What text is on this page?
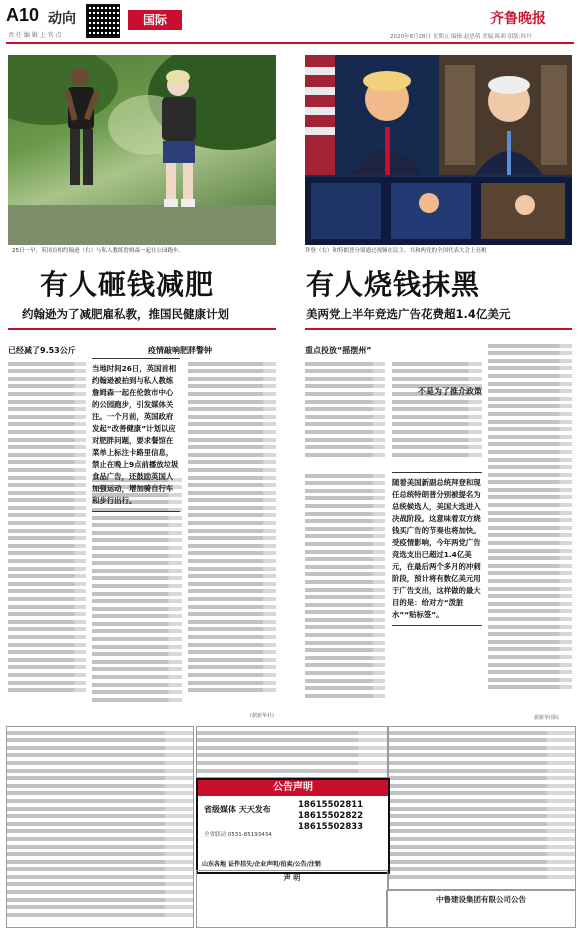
A10 动向
责 任 编 辑 上 官 点
国际	齐鲁晚报
2020年8月28日 星期五 编辑:赵思萌 美编:陈莉 组版:韩丹
25日一早，英国首相约翰逊（右）与私人教练詹姆森一起在公园跑步。	拜登（右）和特朗普分别通过视频在民主、共和两党的全国代表大会上亮相
有人砸钱减肥	有人烧钱抹黑
约翰逊为了减肥雇私教，推国民健康计划	美两党上半年竞选广告花费超1.4亿美元
已经减了9.53公斤
当地时间26日，英国首相约翰逊被拍到与私人教练詹姆森一起在伦敦市中心的公园跑步，引发媒体关注。一个月前，英国政府发起“改善健康”计划以应对肥胖问题，要求餐馆在菜单上标注卡路里信息，禁止在晚上9点前播放垃圾食品广告，还鼓励英国人加强运动，增加骑自行车和步行出行。
疫情敲响肥胖警钟
(据新华社)
重点投放“摇摆州”
不是为了推介政策
随着美国新副总统拜登和现任总统特朗普分别被提名为总统候选人，美国大选进入决战阶段。这意味着双方烧钱买广告的节奏也将加快。受疫情影响，今年两党广告竞选支出已超过1.4亿美元，在最后两个多月的冲刺阶段，预计将有数亿美元用于广告支出，这样做的最大目的是：给对方“泼脏水”“贴标签”。
据新华国际
公告声明
省级媒体 天天发布
全省联动 0531-85193434
18615502811
18615502822
18615502833
山东各地 证件挂失/企业声明/拍卖/公告/注销
声 明
中鲁建设集团有限公司公告
